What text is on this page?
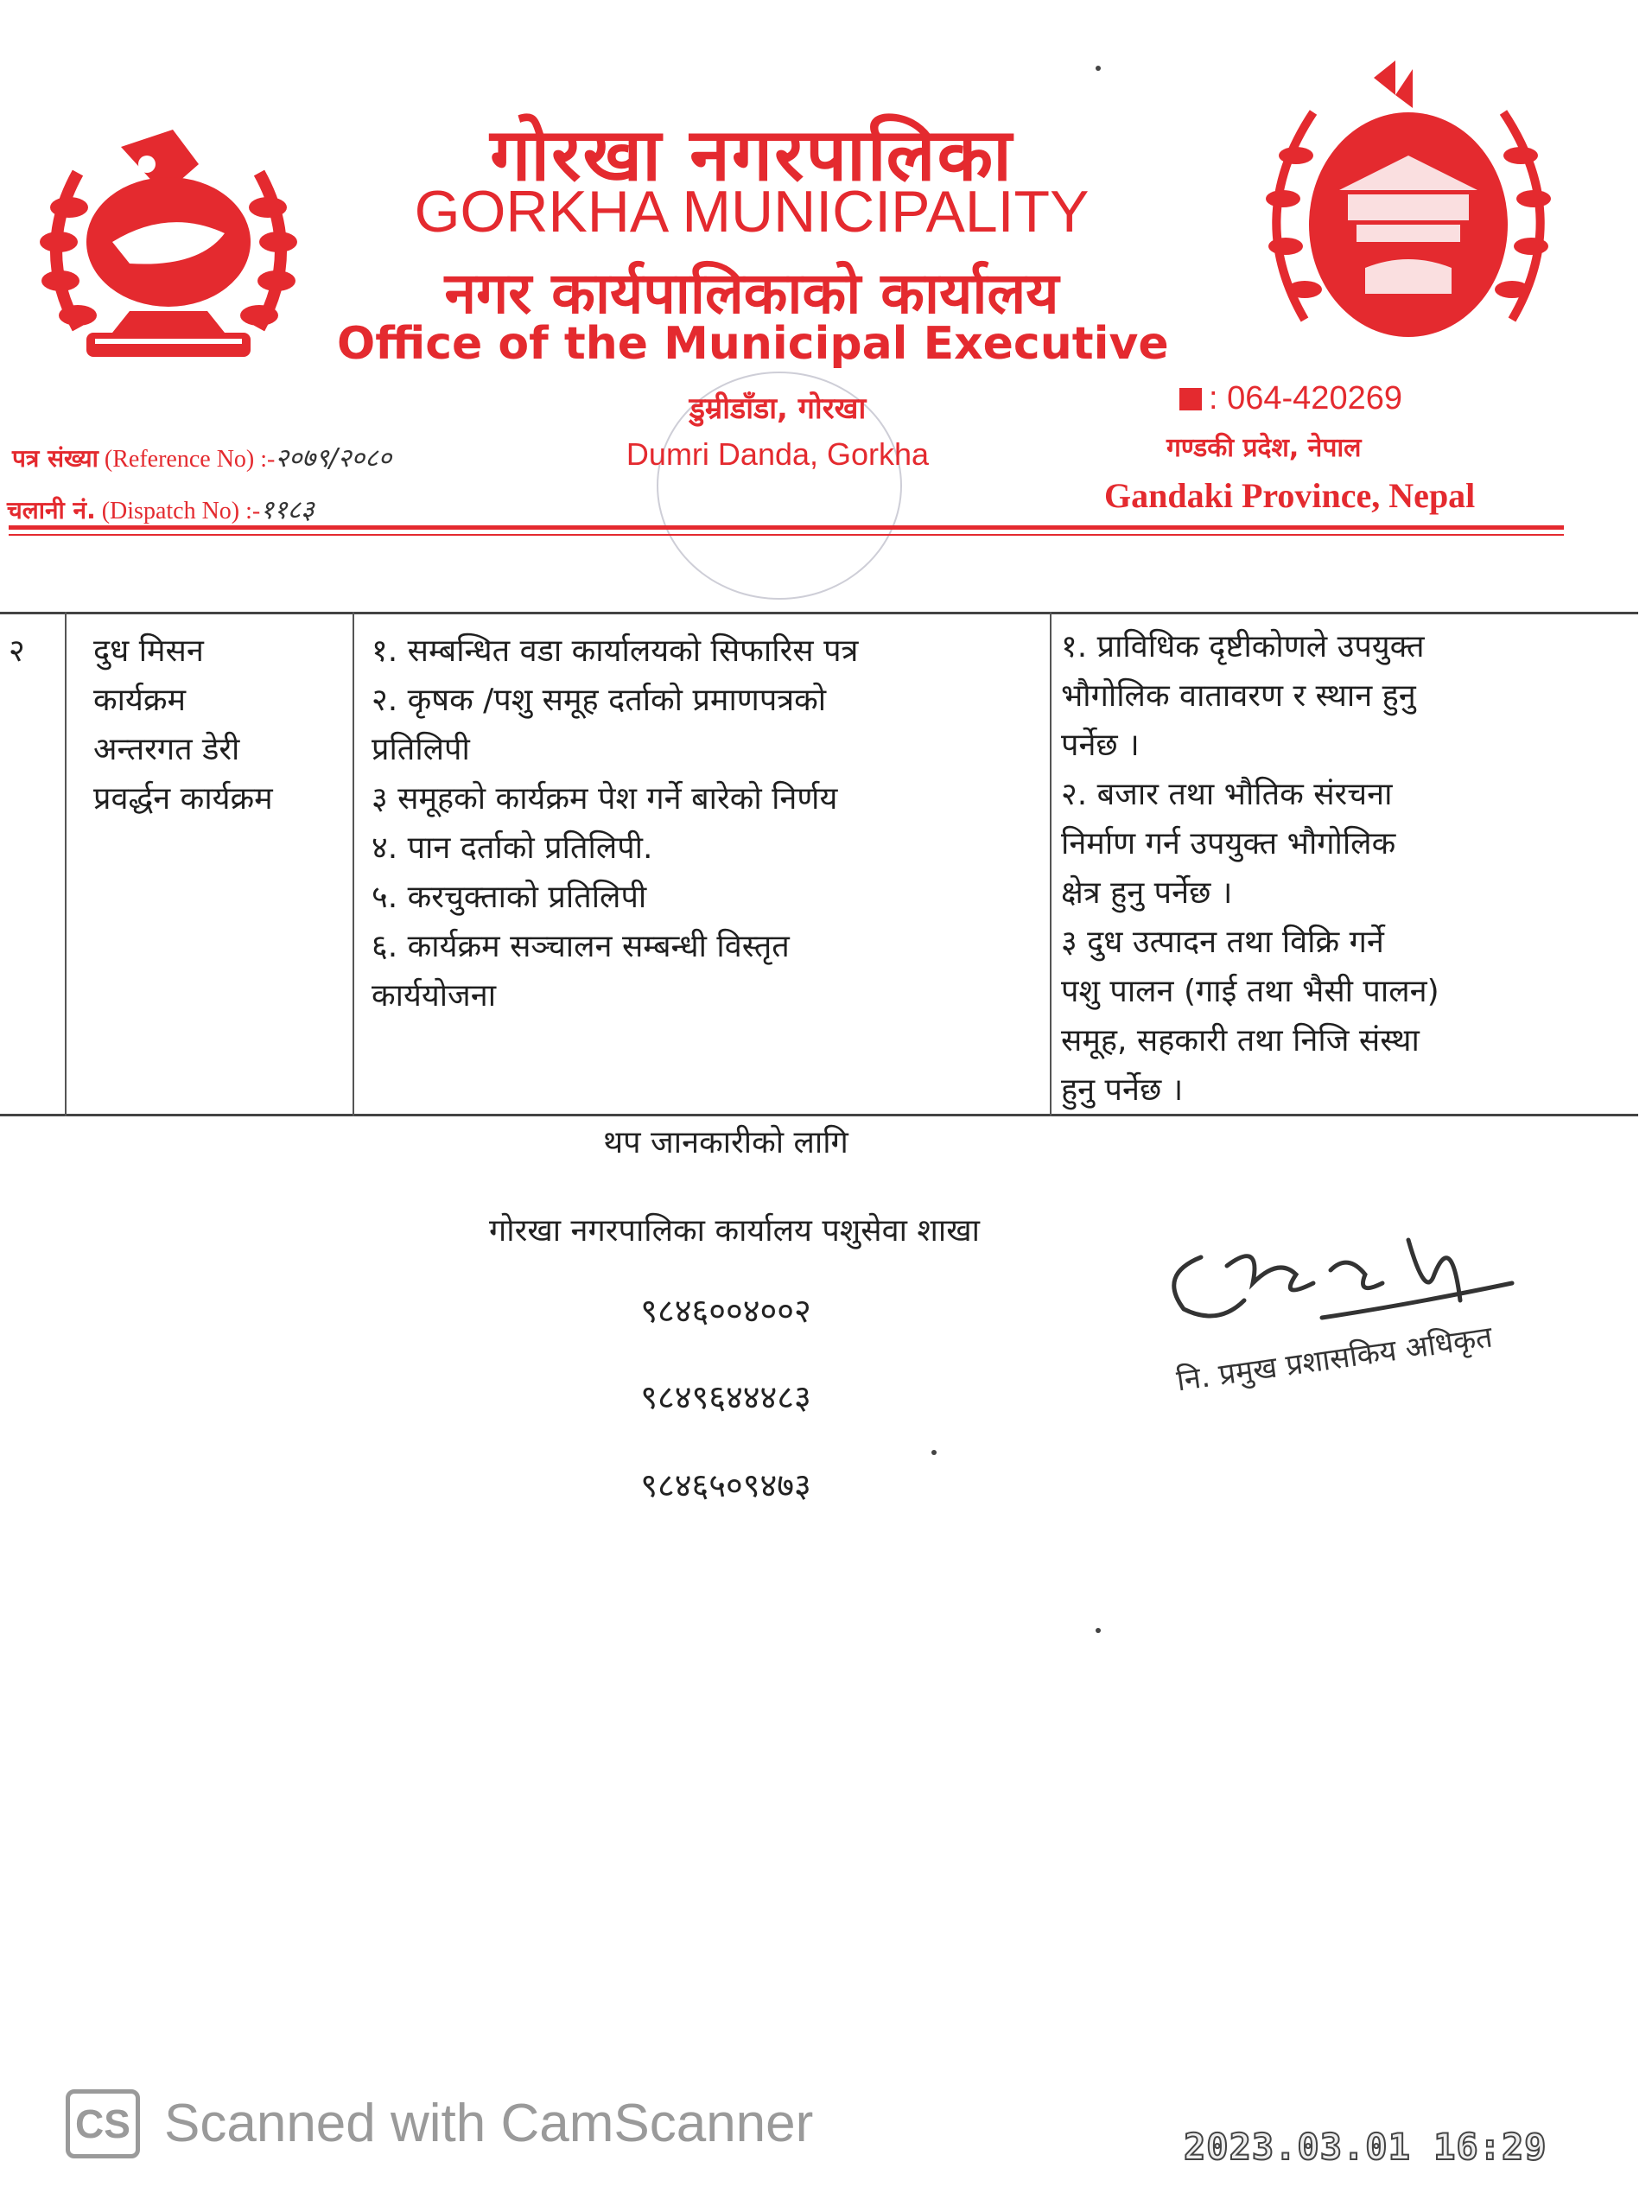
गोरखा नगरपालिका
GORKHA MUNICIPALITY
नगर कार्यपालिकाको कार्यालय
Office of the Municipal Executive
डुम्रीडाँडा, गोरखा
Dumri Danda, Gorkha
: 064-420269
गण्डकी प्रदेश, नेपाल
Gandaki Province, Nepal
पत्र संख्या (Reference No) :-२०७९/२०८०
चलानी नं. (Dispatch No) :-११८३
२	दुध मिसन
कार्यक्रम
अन्तरगत डेरी
प्रवर्द्धन कार्यक्रम
१. सम्बन्धित वडा कार्यालयको सिफारिस पत्र
२. कृषक /पशु समूह दर्ताको प्रमाणपत्रको
प्रतिलिपी
३ समूहको कार्यक्रम पेश गर्ने बारेको निर्णय
४. पान दर्ताको प्रतिलिपी.
५. करचुक्ताको प्रतिलिपी
६. कार्यक्रम सञ्चालन सम्बन्धी विस्तृत
कार्ययोजना
१. प्राविधिक दृष्टीकोणले उपयुक्त
भौगोलिक वातावरण र स्थान हुनु
पर्नेछ ।
२. बजार तथा भौतिक संरचना
निर्माण गर्न उपयुक्त भौगोलिक
क्षेत्र हुनु पर्नेछ ।
३ दुध उत्पादन तथा विक्रि गर्ने
पशु पालन (गाई तथा भैसी पालन)
समूह, सहकारी तथा निजि संस्था
हुनु पर्नेछ ।
थप जानकारीको लागि
गोरखा नगरपालिका कार्यालय पशुसेवा शाखा
९८४६००४००२
९८४९६४४४८३
९८४६५०९४७३
नि. प्रमुख प्रशासकिय अधिकृत
CS Scanned with CamScanner	2023.03.01 16:29
